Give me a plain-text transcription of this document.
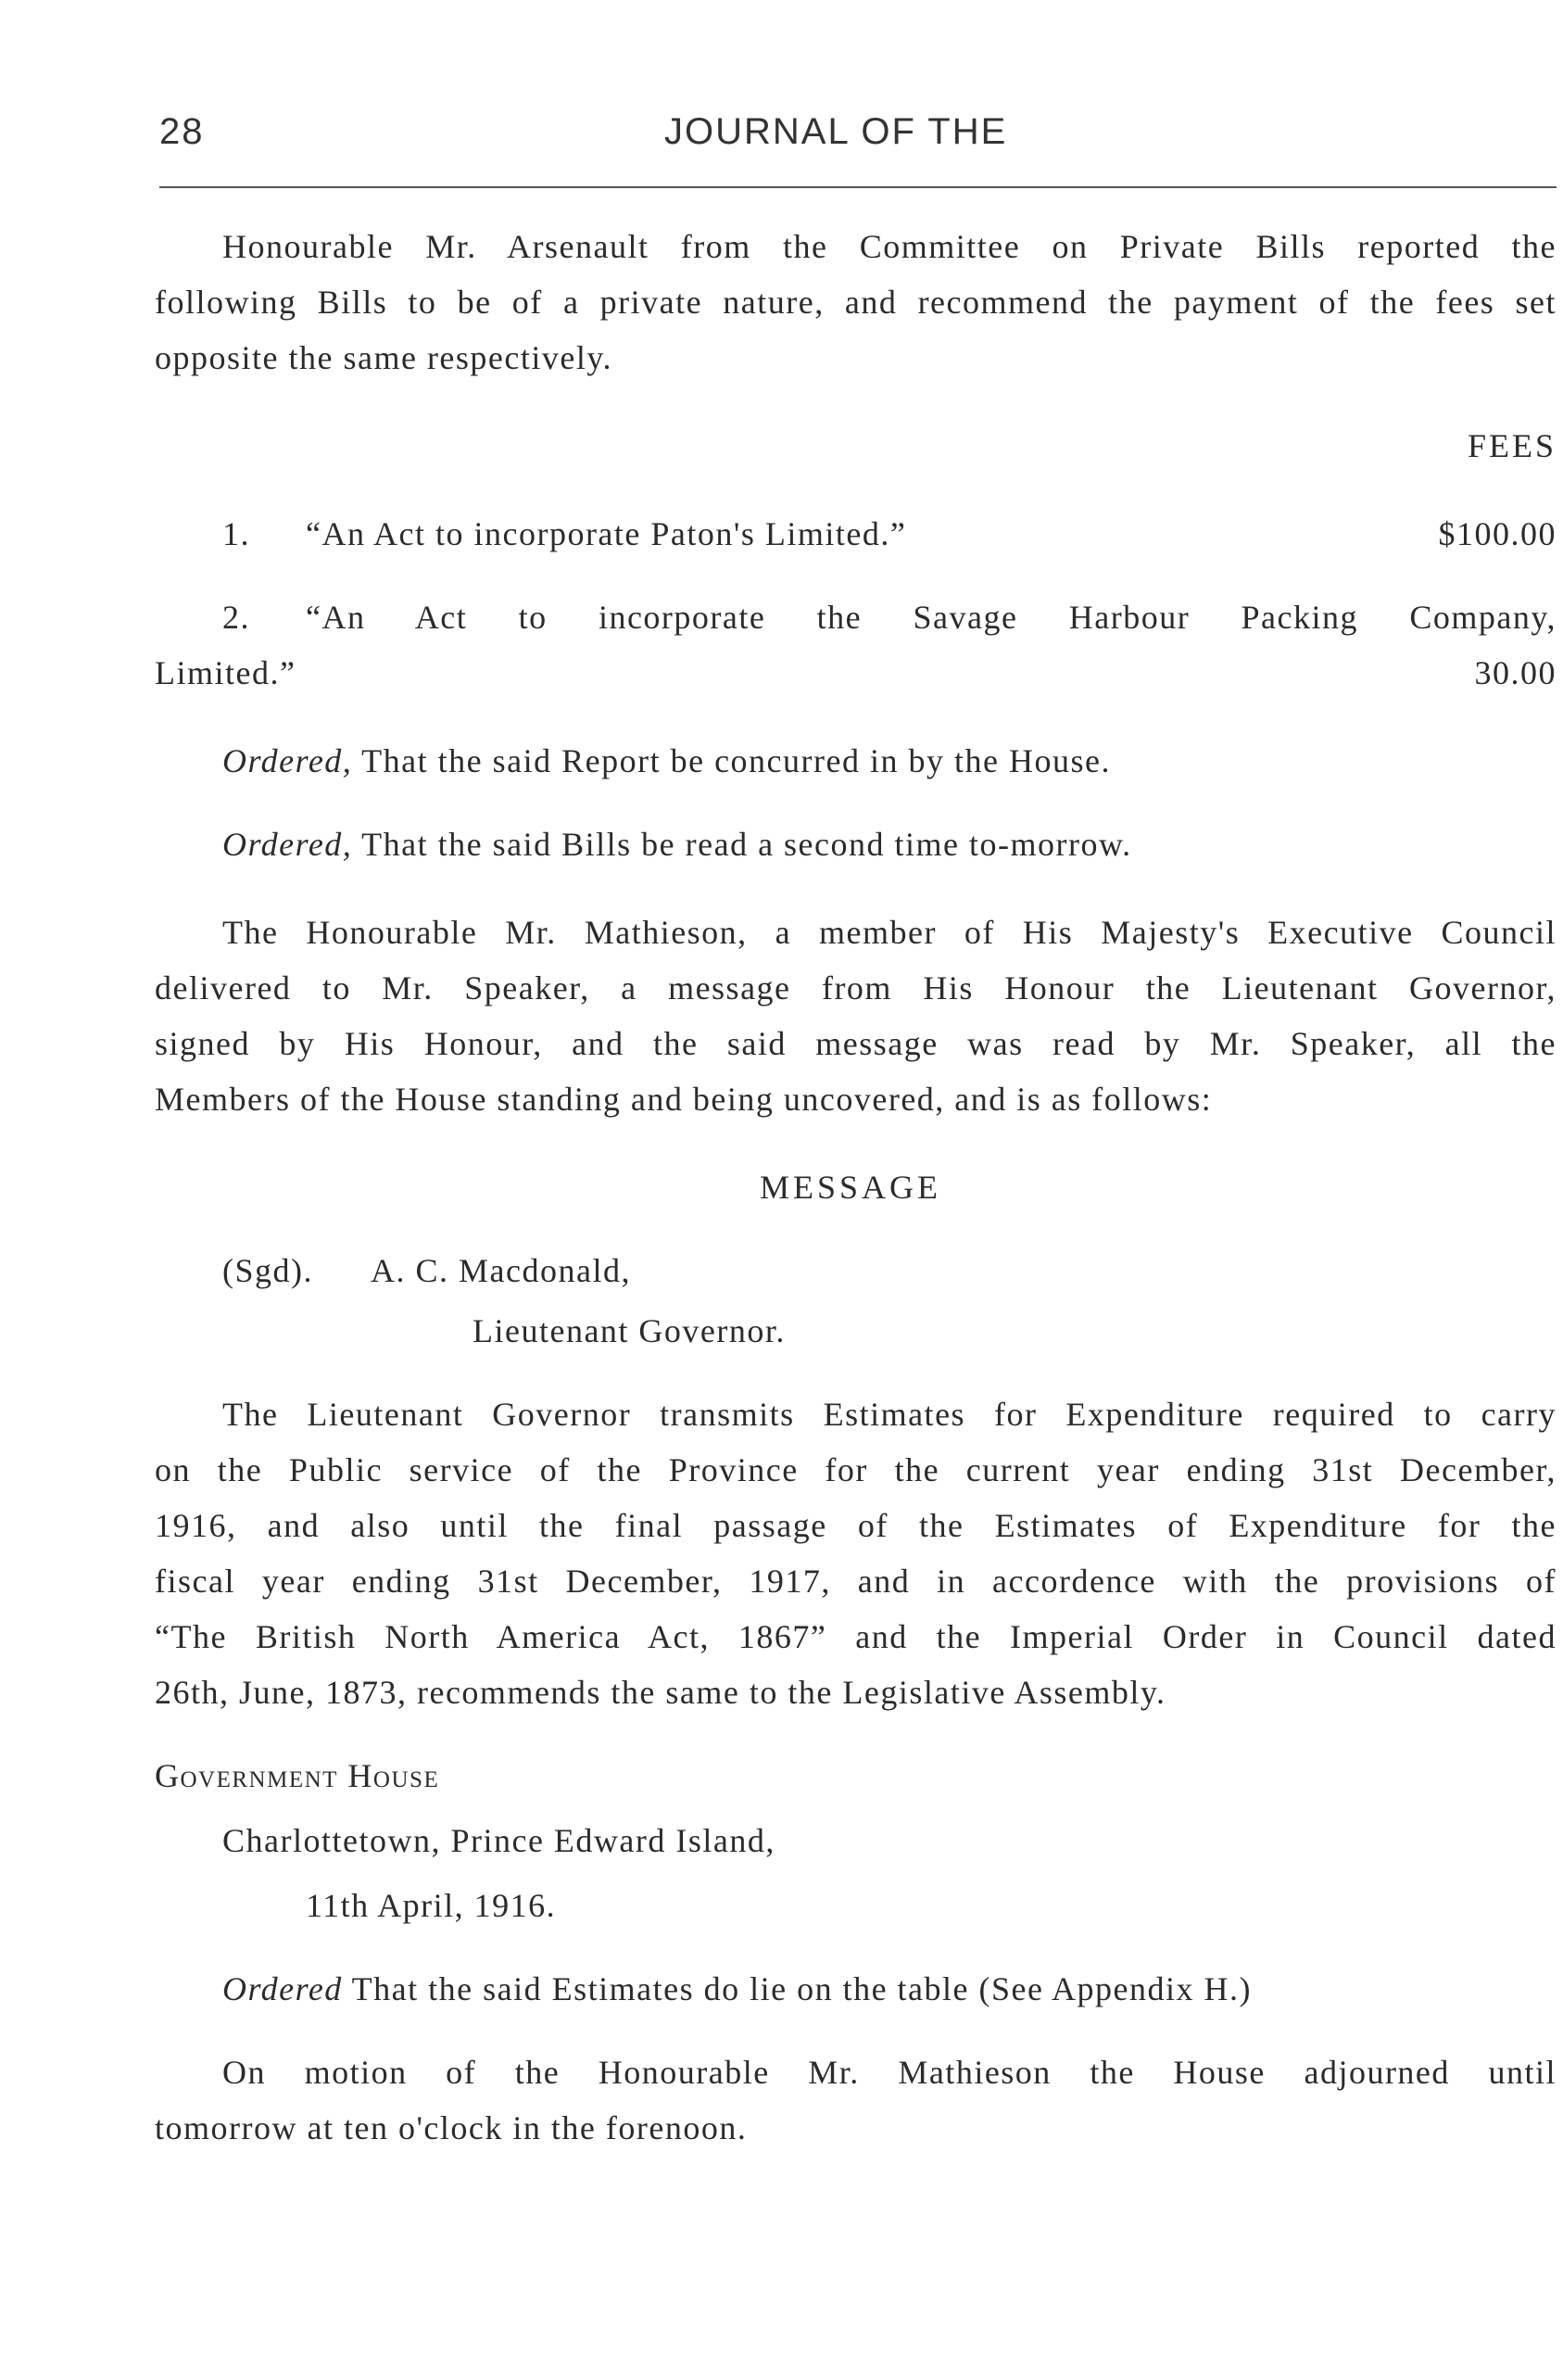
28	JOURNAL OF THE
Honourable Mr. Arsenault from the Committee on Private Bills reported the
following Bills to be of a private nature, and recommend the payment of the fees set
opposite the same respectively.
FEES
1. “An Act to incorporate Paton's Limited.”	$100.00
2. “An Act to incorporate the Savage Harbour Packing Company,
Limited.”	30.00
Ordered, That the said Report be concurred in by the House.
Ordered, That the said Bills be read a second time to-morrow.
The Honourable Mr. Mathieson, a member of His Majesty's Executive Council
delivered to Mr. Speaker, a message from His Honour the Lieutenant Governor,
signed by His Honour, and the said message was read by Mr. Speaker, all the
Members of the House standing and being uncovered, and is as follows:
MESSAGE
(Sgd). A. C. Macdonald,
Lieutenant Governor.
The Lieutenant Governor transmits Estimates for Expenditure required to carry
on the Public service of the Province for the current year ending 31st December,
1916, and also until the final passage of the Estimates of Expenditure for the
fiscal year ending 31st December, 1917, and in accordence with the provisions of
“The British North America Act, 1867” and the Imperial Order in Council dated
26th, June, 1873, recommends the same to the Legislative Assembly.
Government House
Charlottetown, Prince Edward Island,
11th April, 1916.
Ordered That the said Estimates do lie on the table (See Appendix H.)
On motion of the Honourable Mr. Mathieson the House adjourned until
tomorrow at ten o'clock in the forenoon.
